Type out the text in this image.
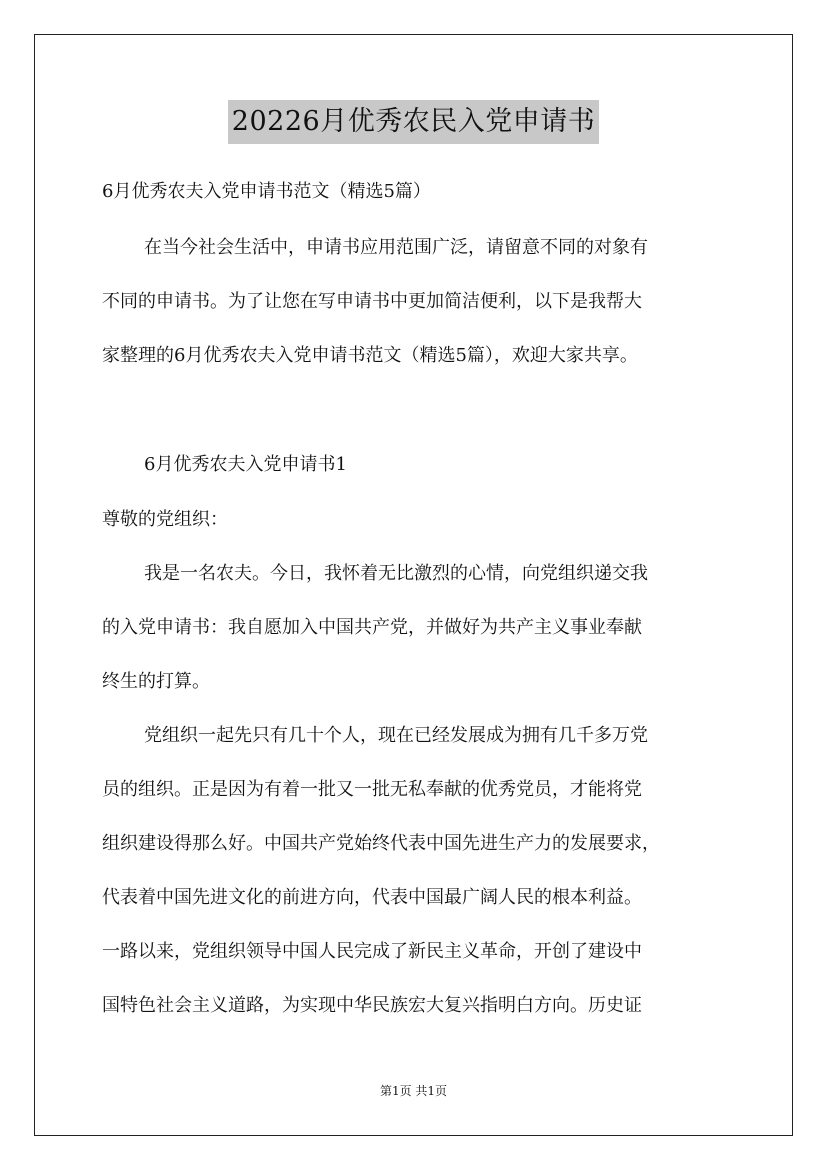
20226月优秀农民入党申请书
6月优秀农夫入党申请书范文（精选5篇）
在当今社会生活中，申请书应用范围广泛，请留意不同的对象有
不同的申请书。为了让您在写申请书中更加简洁便利，以下是我帮大
家整理的6月优秀农夫入党申请书范文（精选5篇），欢迎大家共享。
6月优秀农夫入党申请书1
尊敬的党组织：
我是一名农夫。今日，我怀着无比激烈的心情，向党组织递交我
的入党申请书：我自愿加入中国共产党，并做好为共产主义事业奉献
终生的打算。
党组织一起先只有几十个人，现在已经发展成为拥有几千多万党
员的组织。正是因为有着一批又一批无私奉献的优秀党员，才能将党
组织建设得那么好。中国共产党始终代表中国先进生产力的发展要求，
代表着中国先进文化的前进方向，代表中国最广阔人民的根本利益。
一路以来，党组织领导中国人民完成了新民主义革命，开创了建设中
国特色社会主义道路，为实现中华民族宏大复兴指明白方向。历史证
第1页 共1页
